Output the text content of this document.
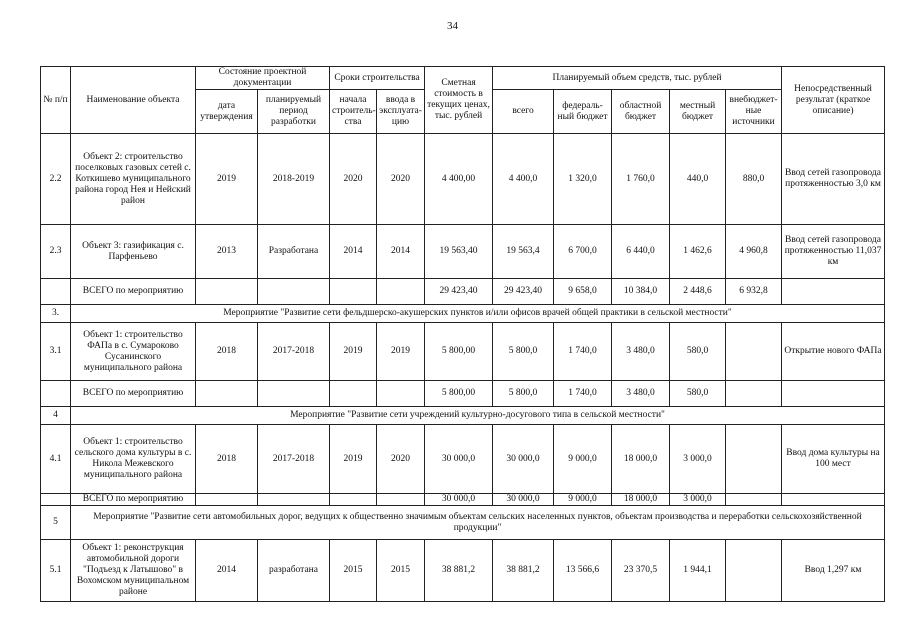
34
№ п/п	Наименование объекта	Состояние проектной документации		Сроки строительства		Сметная стоимость в текущих ценах, тыс. рублей	Планируемый объем средств, тыс. рублей					Непосредственный результат (краткое описание)
		дата утверждения	планируемый период разработки	начала строитель-ства	ввода в эксплуата-цию		всего	федераль-ный бюджет	областной бюджет	местный бюджет	внебюджет-ные источники	
2.2	Объект 2: строительство поселковых газовых сетей с. Коткишево муниципального района город Нея и Нейский район	2019	2018-2019	2020	2020	4 400,00	4 400,0	1 320,0	1 760,0	440,0	880,0	Ввод сетей газопровода протяженностью 3,0 км
2.3	Объект 3: газификация с. Парфеньево	2013	Разработана	2014	2014	19 563,40	19 563,4	6 700,0	6 440,0	1 462,6	4 960,8	Ввод сетей газопровода протяженностью 11,037 км
	ВСЕГО по мероприятию					29 423,40	29 423,40	9 658,0	10 384,0	2 448,6	6 932,8	
3.	Мероприятие "Развитие сети фельдшерско-акушерских пунктов и/или офисов врачей общей практики в сельской местности"											
3.1	Объект 1: строительство ФАПа в с. Сумароково Сусанинского муниципального района	2018	2017-2018	2019	2019	5 800,00	5 800,0	1 740,0	3 480,0	580,0		Открытие нового ФАПа
	ВСЕГО по мероприятию					5 800,00	5 800,0	1 740,0	3 480,0	580,0		
4	Мероприятие "Развитие сети учреждений культурно-досугового типа в сельской местности"											
4.1	Объект 1: строительство сельского дома культуры в с. Никола Межевского муниципального района	2018	2017-2018	2019	2020	30 000,0	30 000,0	9 000,0	18 000,0	3 000,0		Ввод дома культуры на 100 мест
	ВСЕГО по мероприятию					30 000,0	30 000,0	9 000,0	18 000,0	3 000,0		
5	Мероприятие "Развитие сети автомобильных дорог, ведущих к общественно значимым объектам сельских населенных пунктов, объектам производства и переработки сельскохозяйственной продукции"											
5.1	Объект 1: реконструкция автомобильной дороги "Подъезд к Латышово" в Вохомском муниципальном районе	2014	разработана	2015	2015	38 881,2	38 881,2	13 566,6	23 370,5	1 944,1		Ввод 1,297 км
